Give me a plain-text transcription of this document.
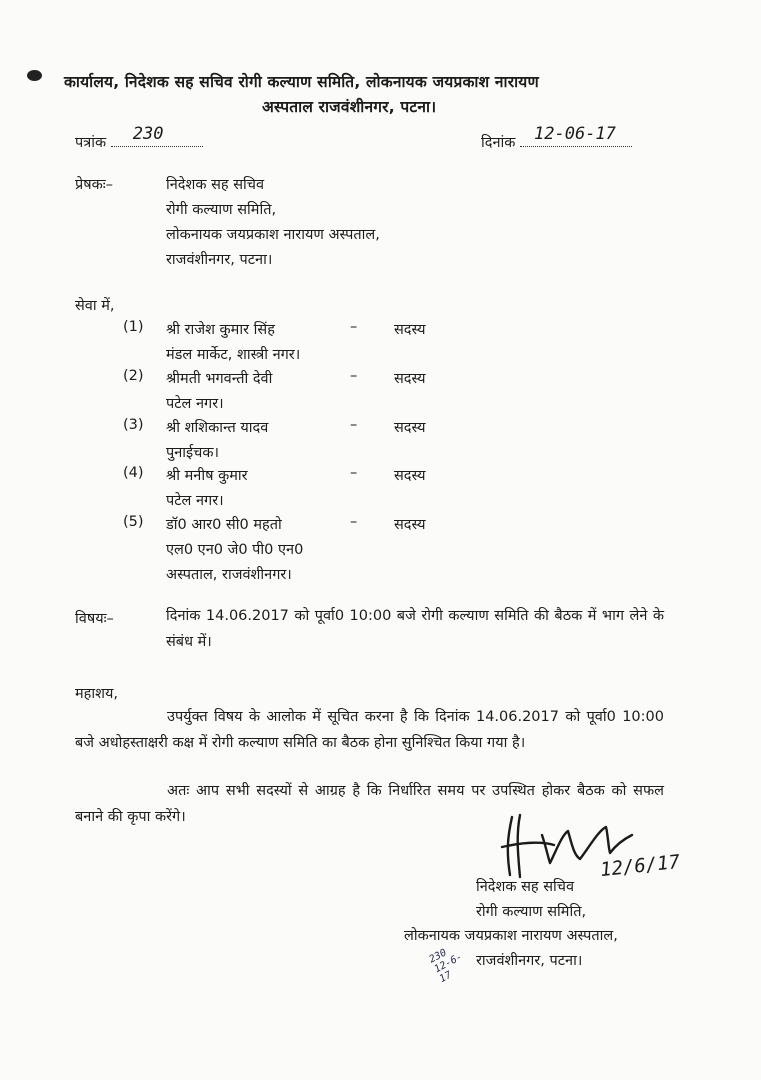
कार्यालय, निदेशक सह सचिव रोगी कल्याण समिति, लोकनायक जयप्रकाश नारायण
अस्पताल राजवंशीनगर, पटना।
पत्रांक 230	दिनांक 12-06-17
प्रेषकः–	निदेशक सह सचिव
रोगी कल्याण समिति,
लोकनायक जयप्रकाश नारायण अस्पताल,
राजवंशीनगर, पटना।
सेवा में,
(1) श्री राजेश कुमार सिंह	–	सदस्य
मंडल मार्केट, शास्त्री नगर।
(2) श्रीमती भगवन्ती देवी	–	सदस्य
पटेल नगर।
(3) श्री शशिकान्त यादव	–	सदस्य
पुनाईचक।
(4) श्री मनीष कुमार	–	सदस्य
पटेल नगर।
(5) डॉ0 आर0 सी0 महतो	–	सदस्य
एल0 एन0 जे0 पी0 एन0
अस्पताल, राजवंशीनगर।
विषयः–	दिनांक 14.06.2017 को पूर्वा0 10:00 बजे रोगी कल्याण समिति की बैठक में भाग लेने के संबंध में।
महाशय,
उपर्युक्त विषय के आलोक में सूचित करना है कि दिनांक 14.06.2017 को पूर्वा0 10:00 बजे अधोहस्ताक्षरी कक्ष में रोगी कल्याण समिति का बैठक होना सुनिश्चित किया गया है।
अतः आप सभी सदस्यों से आग्रह है कि निर्धारित समय पर उपस्थित होकर बैठक को सफल बनाने की कृपा करेंगे।
12/6/17
निदेशक सह सचिव
रोगी कल्याण समिति,
लोकनायक जयप्रकाश नारायण अस्पताल,
राजवंशीनगर, पटना।
230 12-6-17
